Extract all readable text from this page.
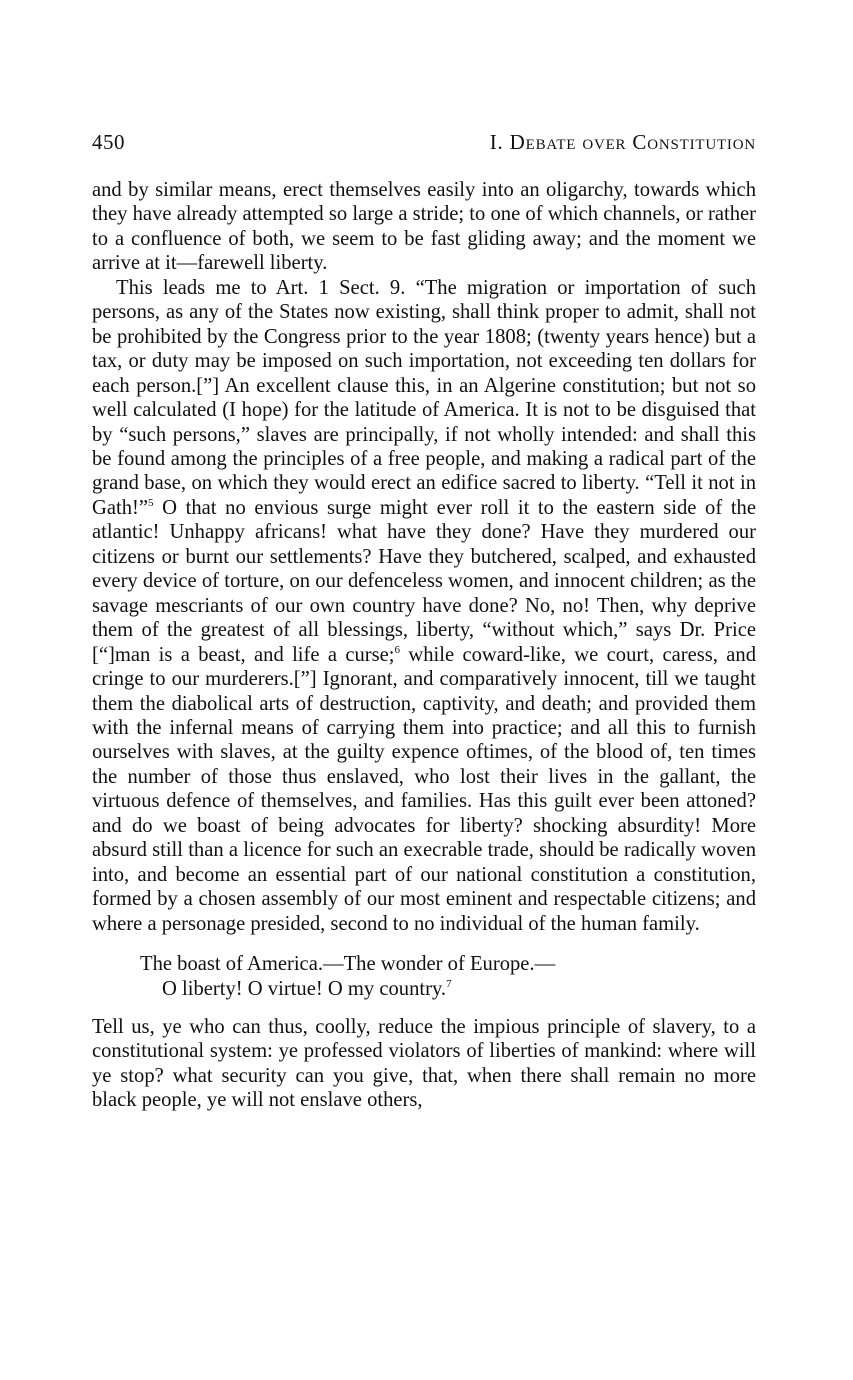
450	I. Debate over Constitution

and by similar means, erect themselves easily into an oligarchy, towards which they have already attempted so large a stride; to one of which channels, or rather to a confluence of both, we seem to be fast gliding away; and the moment we arrive at it—farewell liberty.

This leads me to Art. 1 Sect. 9. “The migration or importation of such persons, as any of the States now existing, shall think proper to admit, shall not be prohibited by the Congress prior to the year 1808; (twenty years hence) but a tax, or duty may be imposed on such importation, not exceeding ten dollars for each person.[”] An excellent clause this, in an Algerine constitution; but not so well calculated (I hope) for the latitude of America. It is not to be disguised that by “such persons,” slaves are principally, if not wholly intended: and shall this be found among the principles of a free people, and making a radical part of the grand base, on which they would erect an edifice sacred to liberty. “Tell it not in Gath!”$^5$ O that no envious surge might ever roll it to the eastern side of the atlantic! Unhappy africans! what have they done? Have they murdered our citizens or burnt our settlements? Have they butchered, scalped, and exhausted every device of torture, on our defenceless women, and innocent children; as the savage mescriants of our own country have done? No, no! Then, why deprive them of the greatest of all blessings, liberty, “without which,” says Dr. Price [“]man is a beast, and life a curse;$^6$ while coward-like, we court, caress, and cringe to our murderers.[”] Ignorant, and comparatively innocent, till we taught them the diabolical arts of destruction, captivity, and death; and provided them with the infernal means of carrying them into practice; and all this to furnish ourselves with slaves, at the guilty expence oftimes, of the blood of, ten times the number of those thus enslaved, who lost their lives in the gallant, the virtuous defence of themselves, and families. Has this guilt ever been attoned? and do we boast of being advocates for liberty? shocking absurdity! More absurd still than a licence for such an execrable trade, should be radically woven into, and become an essential part of our national constitution a constitution, formed by a chosen assembly of our most eminent and respectable citizens; and where a personage presided, second to no individual of the human family.

The boast of America.—The wonder of Europe.—
O liberty! O virtue! O my country.$^7$

Tell us, ye who can thus, coolly, reduce the impious principle of slavery, to a constitutional system: ye professed violators of liberties of mankind: where will ye stop? what security can you give, that, when there shall remain no more black people, ye will not enslave others,
